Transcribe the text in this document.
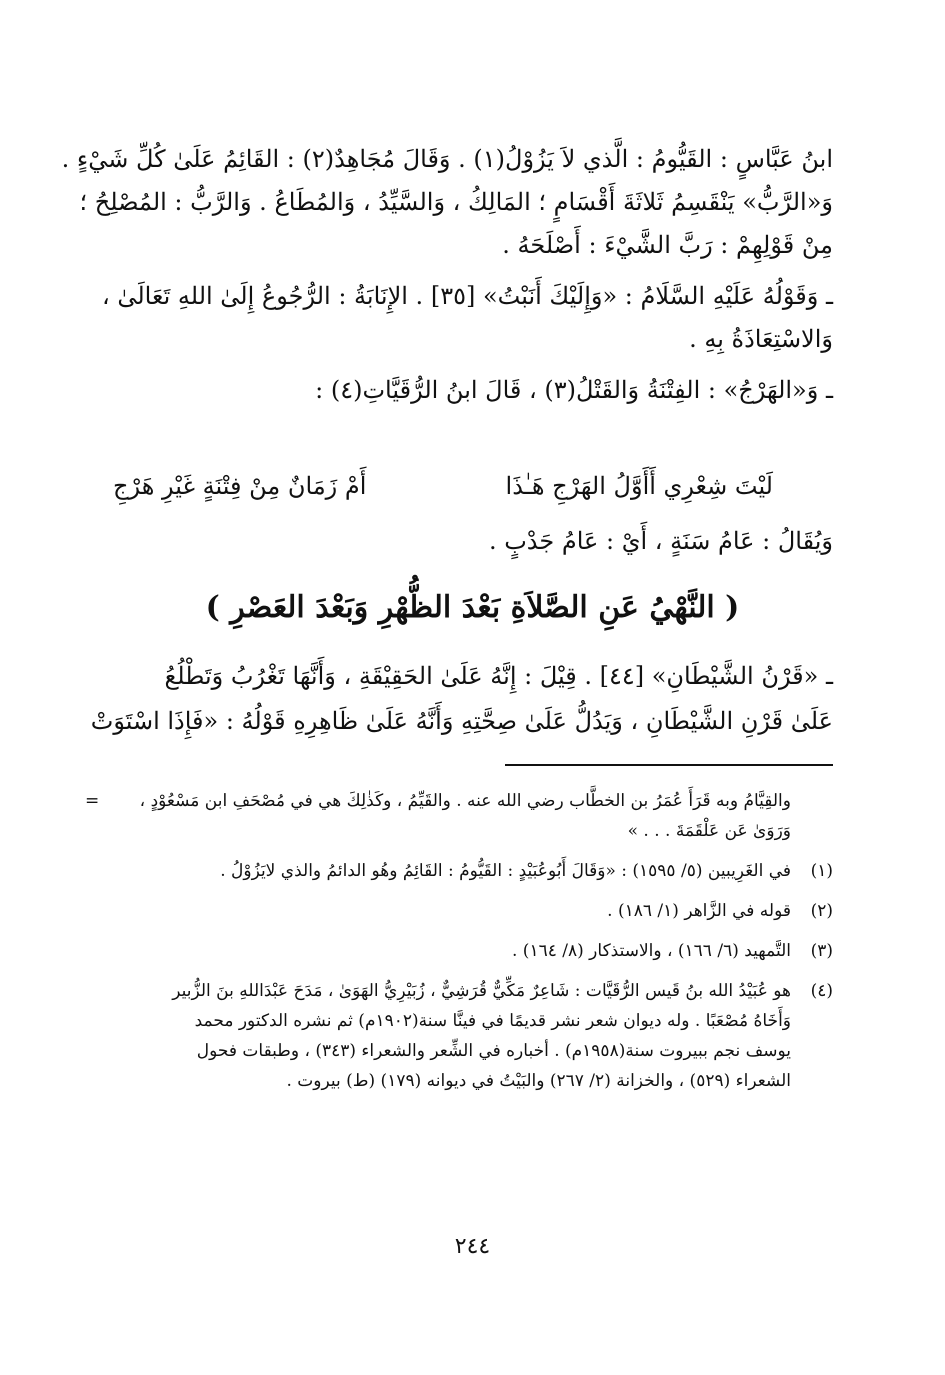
ابنُ عَبَّاسٍ : القَيُّومُ : الَّذي لاَ يَزُوْلُ(١) . وَقَالَ مُجَاهِدٌ(٢) : القَائِمُ عَلَىٰ كُلِّ شَيْءٍ .
وَ«الرَّبُّ» يَنْقَسِمُ ثَلاثَةَ أَقْسَامٍ ؛ المَالِكُ ، وَالسَّيِّدُ ، وَالمُطَاعُ . وَالرَّبُّ : المُصْلِحُ ؛
مِنْ قَوْلِهِمْ : رَبَّ الشَّيْءَ : أَصْلَحَهُ .

ـ وَقَوْلُهُ عَلَيْهِ السَّلَامُ : «وَإِلَيْكَ أَنَبْتُ» [٣٥] . الإِنَابَةُ : الرُّجُوعُ إِلَىٰ اللهِ تَعَالَىٰ ،
وَالاسْتِعَاذَةُ بِهِ .

ـ وَ«الهَرْجُ» : الفِتْنَةُ وَالقَتْلُ(٣) ، قَالَ ابنُ الرُّقَيَّاتِ(٤) :

لَيْتَ شِعْرِي أَأَوَّلُ الهَرْجِ هَـٰذَا
أَمْ زَمَانٌ مِنْ فِتْنَةٍ غَيْرِ هَرْجِ
وَيُقَالُ : عَامُ سَنَةٍ ، أَيْ : عَامُ جَدْبٍ .
( النَّهْيُ عَنِ الصَّلاَةِ بَعْدَ الظُّهْرِ وَبَعْدَ العَصْرِ )
ـ «قَرْنُ الشَّيْطَانِ» [٤٤] . قِيْلَ : إِنَّهُ عَلَىٰ الحَقِيْقَةِ ، وَأَنَّهَا تَغْرُبُ وَتَطْلُعُ
عَلَىٰ قَرْنِ الشَّيْطَانِ ، وَيَدُلُّ عَلَىٰ صِحَّتِهِ وَأَنَّهُ عَلَىٰ ظَاهِرِهِ قَوْلُهُ : «فَإِذَا اسْتَوَتْ
=	والقِيَّامُ وبه قَرَأَ عُمَرُ بن الخطَّاب رضي الله عنه . والقَيِّمُ ، وكَذٰلِكَ هي في مُصْحَفِ ابن مَسْعُوْدٍ ، وَرَوَىٰ عَن عَلْقَمَةَ . . . »
(١)
في الغَرِيبين (٥/ ١٥٩٥) : «وَقَالَ أَبُوعُبَيْدٍ : القَيُّومُ : القَائِمُ وهُو الدائمُ والذي لايَزُوْلُ .
(٢)
قوله في الزَّاهر (١/ ١٨٦) .
(٣)
التَّمهيد (٦/ ١٦٦) ، والاستذكار (٨/ ١٦٤) .
(٤)
هو عُبَيْدُ الله بنُ قَيس الرُّقَيَّات : شَاعِرٌ مَكِّيٌّ قُرَشِيٌّ ، زُبَيْرِيُّ الهَوَىٰ ، مَدَحَ عَبْدَاللهِ بنَ الزُّبير
وَأَخَاهُ مُصْعَبًا . وله ديوان شعر نشر قديمًا في فينَّا سنة(١٩٠٢م) ثم نشره الدكتور محمد
يوسف نجم ببيروت سنة(١٩٥٨م) . أخباره في الشِّعر والشعراء (٣٤٣) ، وطبقات فحول
الشعراء (٥٢٩) ، والخزانة (٢/ ٢٦٧) والبَيْتُ في ديوانه (١٧٩) (ط) بيروت .
٢٤٤
